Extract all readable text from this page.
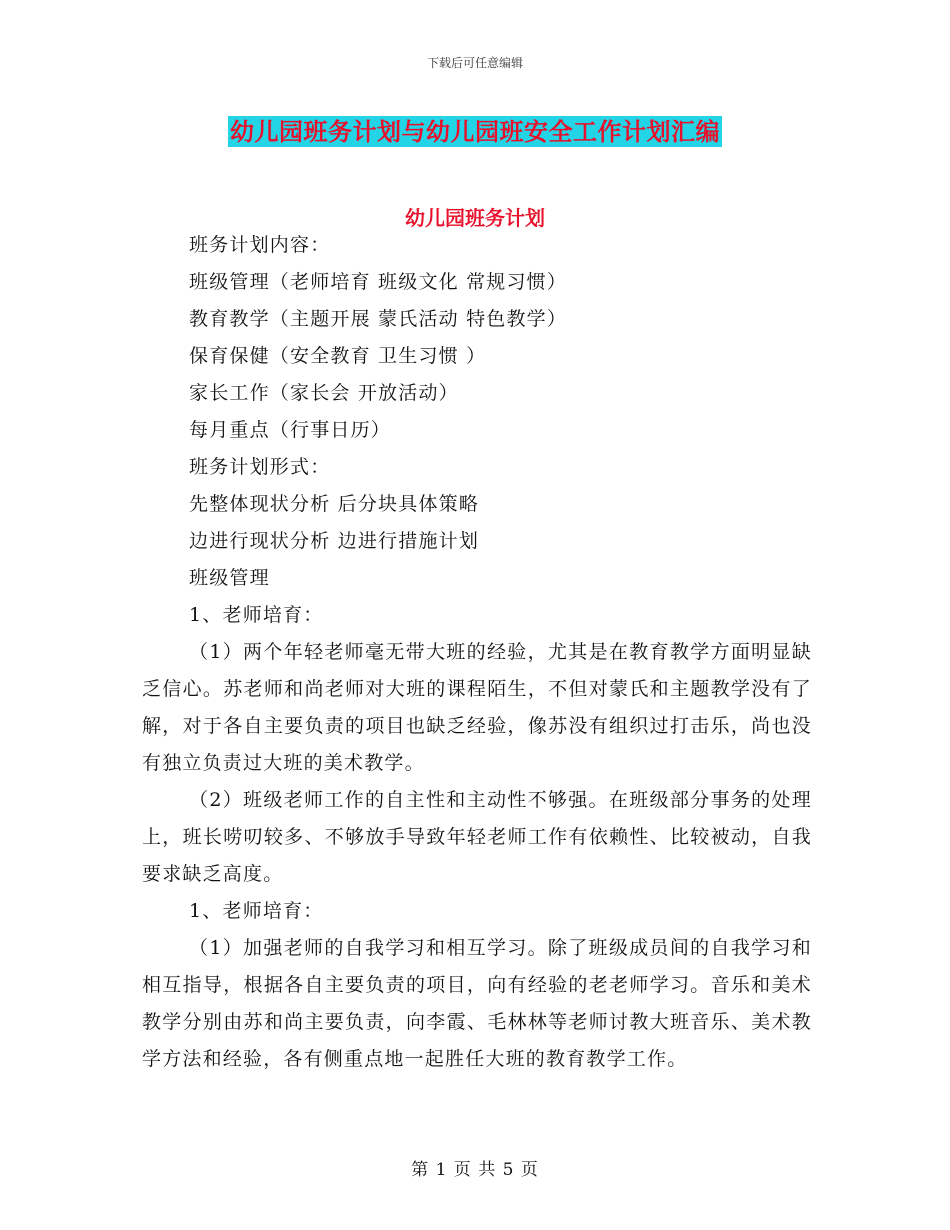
下载后可任意编辑
幼儿园班务计划与幼儿园班安全工作计划汇编
幼儿园班务计划

班务计划内容：

班级管理（老师培育 班级文化 常规习惯）

教育教学（主题开展 蒙氏活动 特色教学）

保育保健（安全教育 卫生习惯 ）

家长工作（家长会 开放活动）

每月重点（行事日历）

班务计划形式：

先整体现状分析 后分块具体策略

边进行现状分析 边进行措施计划

班级管理

1、老师培育：

（1）两个年轻老师毫无带大班的经验，尤其是在教育教学方面明显缺乏信心。苏老师和尚老师对大班的课程陌生，不但对蒙氏和主题教学没有了解，对于各自主要负责的项目也缺乏经验，像苏没有组织过打击乐，尚也没有独立负责过大班的美术教学。

（2）班级老师工作的自主性和主动性不够强。在班级部分事务的处理上，班长唠叨较多、不够放手导致年轻老师工作有依赖性、比较被动，自我要求缺乏高度。

1、老师培育：

（1）加强老师的自我学习和相互学习。除了班级成员间的自我学习和相互指导，根据各自主要负责的项目，向有经验的老老师学习。音乐和美术教学分别由苏和尚主要负责，向李霞、毛林林等老师讨教大班音乐、美术教学方法和经验，各有侧重点地一起胜任大班的教育教学工作。

第 1 页 共 5 页
